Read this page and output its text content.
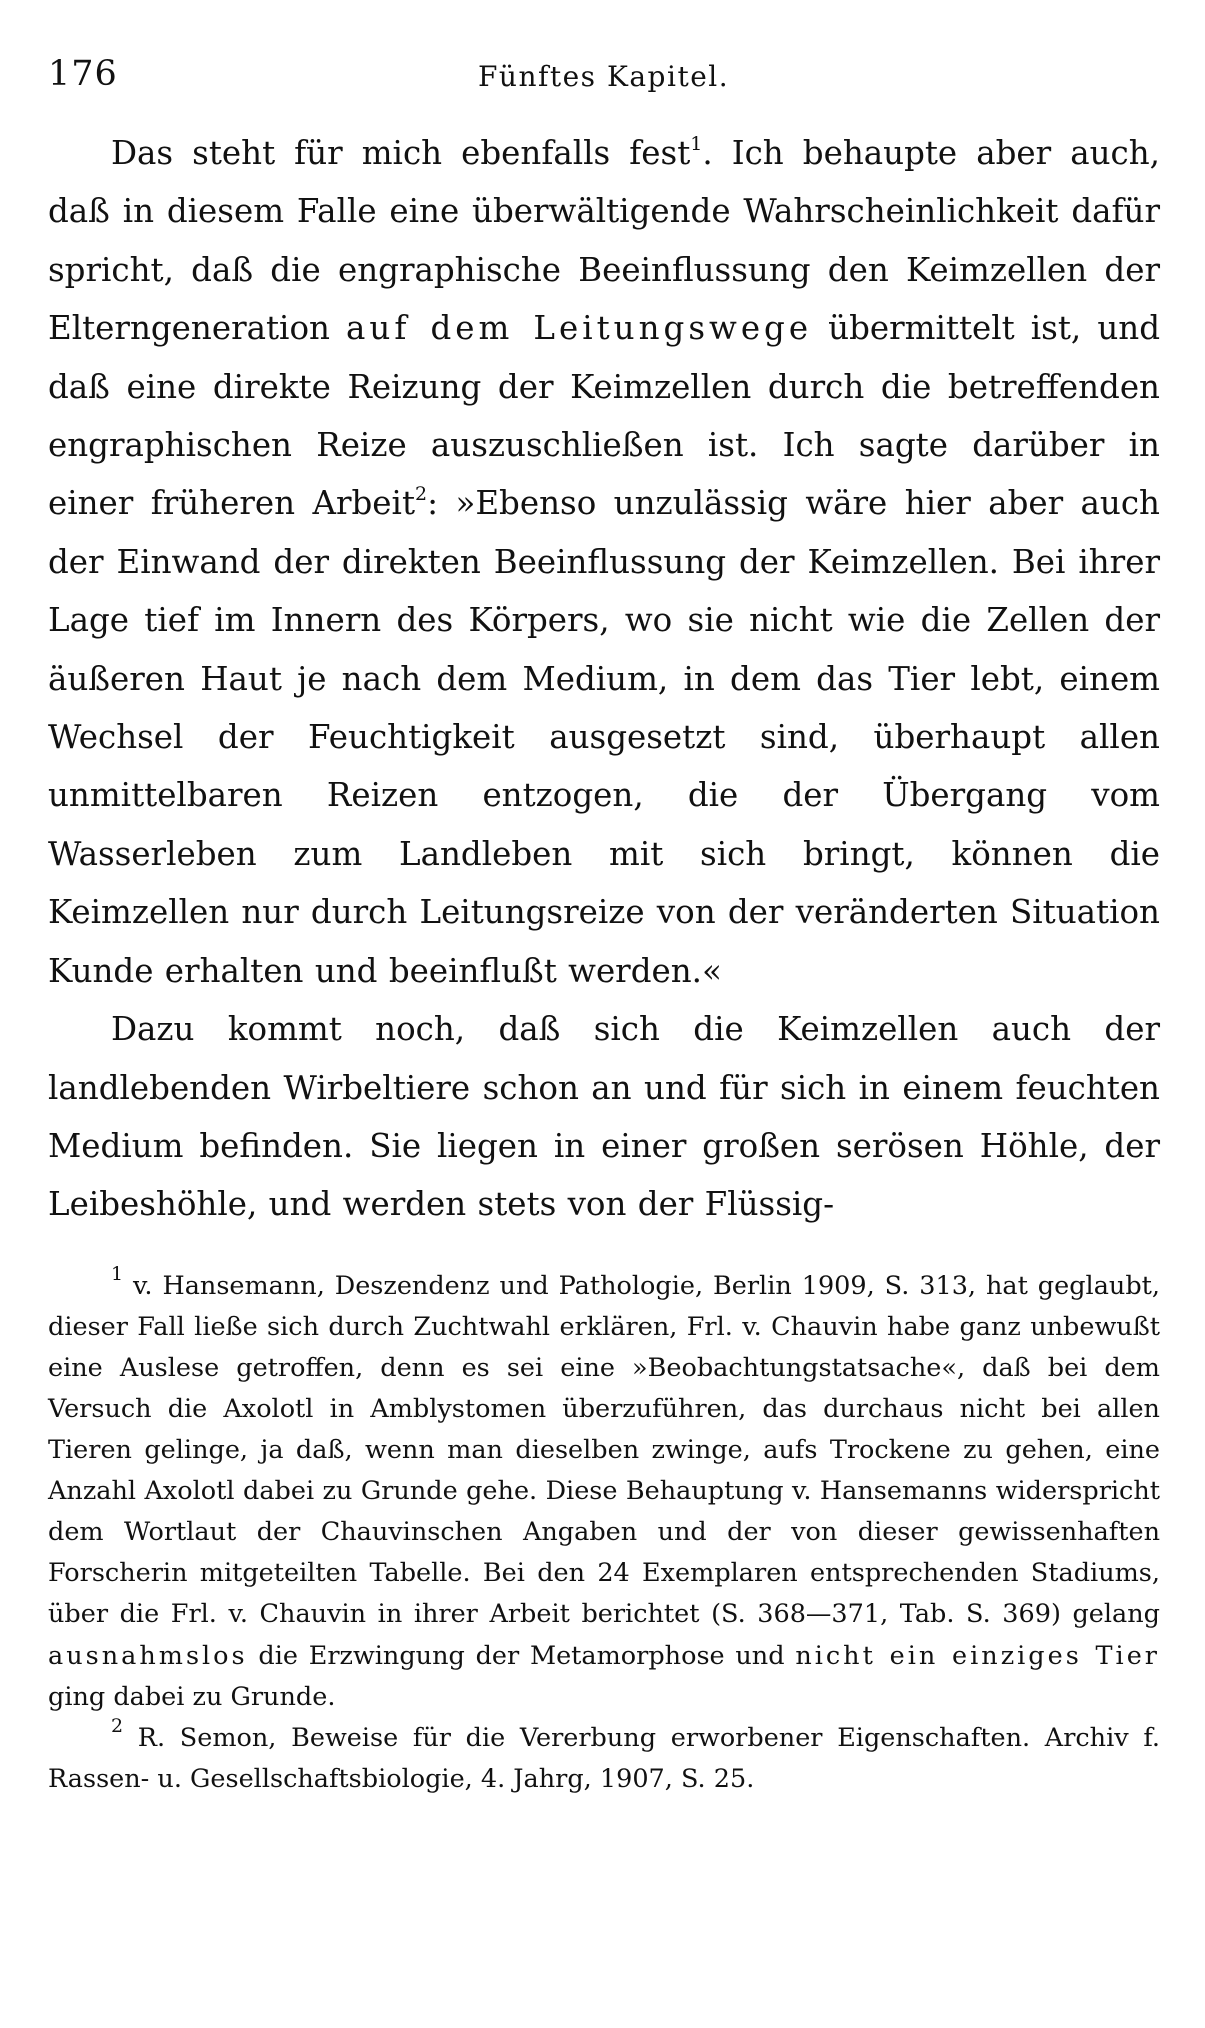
176	Fünftes Kapitel.

Das steht für mich ebenfalls fest$^1$. Ich behaupte aber auch, daß in diesem Falle eine überwältigende Wahrscheinlichkeit dafür spricht, daß die engraphische Beeinflussung den Keimzellen der Elterngeneration auf dem Leitungswege übermittelt ist, und daß eine direkte Reizung der Keimzellen durch die betreffenden engraphischen Reize auszuschließen ist. Ich sagte darüber in einer früheren Arbeit$^2$: »Ebenso unzulässig wäre hier aber auch der Einwand der direkten Beeinflussung der Keimzellen. Bei ihrer Lage tief im Innern des Körpers, wo sie nicht wie die Zellen der äußeren Haut je nach dem Medium, in dem das Tier lebt, einem Wechsel der Feuchtigkeit ausgesetzt sind, überhaupt allen unmittelbaren Reizen entzogen, die der Übergang vom Wasserleben zum Landleben mit sich bringt, können die Keimzellen nur durch Leitungsreize von der veränderten Situation Kunde erhalten und beeinflußt werden.«

Dazu kommt noch, daß sich die Keimzellen auch der landlebenden Wirbeltiere schon an und für sich in einem feuchten Medium befinden. Sie liegen in einer großen serösen Höhle, der Leibeshöhle, und werden stets von der Flüssig-

$^1$ v. Hansemann, Deszendenz und Pathologie, Berlin 1909, S. 313, hat geglaubt, dieser Fall ließe sich durch Zuchtwahl erklären, Frl. v. Chauvin habe ganz unbewußt eine Auslese getroffen, denn es sei eine »Beobachtungstatsache«, daß bei dem Versuch die Axolotl in Amblystomen überzuführen, das durchaus nicht bei allen Tieren gelinge, ja daß, wenn man dieselben zwinge, aufs Trockene zu gehen, eine Anzahl Axolotl dabei zu Grunde gehe. Diese Behauptung v. Hansemanns widerspricht dem Wortlaut der Chauvinschen Angaben und der von dieser gewissenhaften Forscherin mitgeteilten Tabelle. Bei den 24 Exemplaren entsprechenden Stadiums, über die Frl. v. Chauvin in ihrer Arbeit berichtet (S. 368—371, Tab. S. 369) gelang ausnahmslos die Erzwingung der Metamorphose und nicht ein einziges Tier ging dabei zu Grunde.

$^2$ R. Semon, Beweise für die Vererbung erworbener Eigenschaften. Archiv f. Rassen- u. Gesellschaftsbiologie, 4. Jahrg, 1907, S. 25.
